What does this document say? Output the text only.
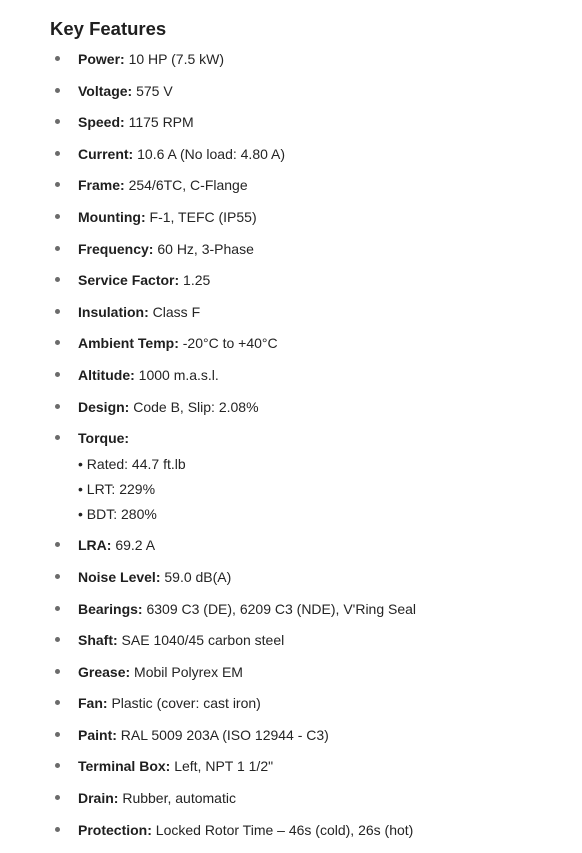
Key Features
Power: 10 HP (7.5 kW)
Voltage: 575 V
Speed: 1175 RPM
Current: 10.6 A (No load: 4.80 A)
Frame: 254/6TC, C-Flange
Mounting: F-1, TEFC (IP55)
Frequency: 60 Hz, 3-Phase
Service Factor: 1.25
Insulation: Class F
Ambient Temp: -20°C to +40°C
Altitude: 1000 m.a.s.l.
Design: Code B, Slip: 2.08%
Torque:
• Rated: 44.7 ft.lb
• LRT: 229%
• BDT: 280%
LRA: 69.2 A
Noise Level: 59.0 dB(A)
Bearings: 6309 C3 (DE), 6209 C3 (NDE), V'Ring Seal
Shaft: SAE 1040/45 carbon steel
Grease: Mobil Polyrex EM
Fan: Plastic (cover: cast iron)
Paint: RAL 5009 203A (ISO 12944 - C3)
Terminal Box: Left, NPT 1 1/2"
Drain: Rubber, automatic
Protection: Locked Rotor Time – 46s (cold), 26s (hot)
